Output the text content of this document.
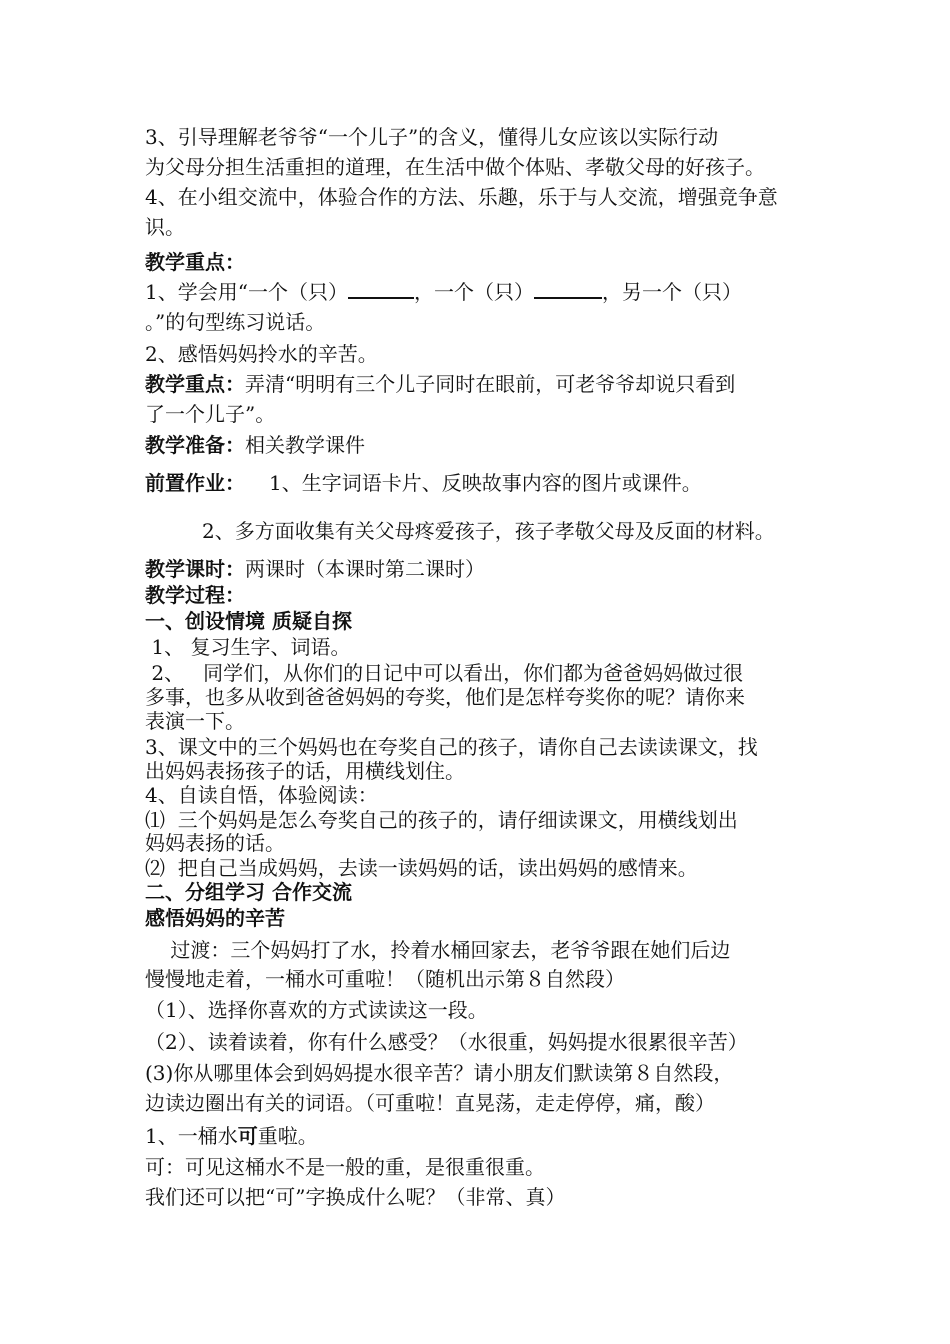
3、引导理解老爷爷“一个儿子”的含义，懂得儿女应该以实际行动
为父母分担生活重担的道理，在生活中做个体贴、孝敬父母的好孩子。
4、在小组交流中，体验合作的方法、乐趣，乐于与人交流，增强竞争意
识。
教学重点：
1、学会用“一个（只）	，一个（只）	，另一个（只）
。”的句型练习说话。
2、感悟妈妈拎水的辛苦。
教学重点：弄清“明明有三个儿子同时在眼前，可老爷爷却说只看到
了一个儿子”。
教学准备：相关教学课件
前置作业： 1、生字词语卡片、反映故事内容的图片或课件。
2、多方面收集有关父母疼爱孩子，孩子孝敬父母及反面的材料。
教学课时：两课时（本课时第二课时）
教学过程：
一、创设情境 质疑自探
1、 复习生字、词语。
2、   同学们，从你们的日记中可以看出，你们都为爸爸妈妈做过很
多事，也多从收到爸爸妈妈的夸奖，他们是怎样夸奖你的呢？请你来
表演一下。
3、课文中的三个妈妈也在夸奖自己的孩子，请你自己去读读课文，找
出妈妈表扬孩子的话，用横线划住。
4、自读自悟，体验阅读：
⑴  三个妈妈是怎么夸奖自己的孩子的，请仔细读课文，用横线划出
妈妈表扬的话。
⑵  把自己当成妈妈，去读一读妈妈的话，读出妈妈的感情来。
二、分组学习 合作交流
感悟妈妈的辛苦
过渡：三个妈妈打了水，拎着水桶回家去，老爷爷跟在她们后边
慢慢地走着，一桶水可重啦！（随机出示第８自然段）
（1）、选择你喜欢的方式读读这一段。
（2）、读着读着，你有什么感受？（水很重，妈妈提水很累很辛苦）
(3)你从哪里体会到妈妈提水很辛苦？请小朋友们默读第８自然段，
边读边圈出有关的词语。（可重啦！直晃荡，走走停停，痛，酸）
1、一桶水可重啦。
可：可见这桶水不是一般的重，是很重很重。
我们还可以把“可”字换成什么呢？（非常、真）
